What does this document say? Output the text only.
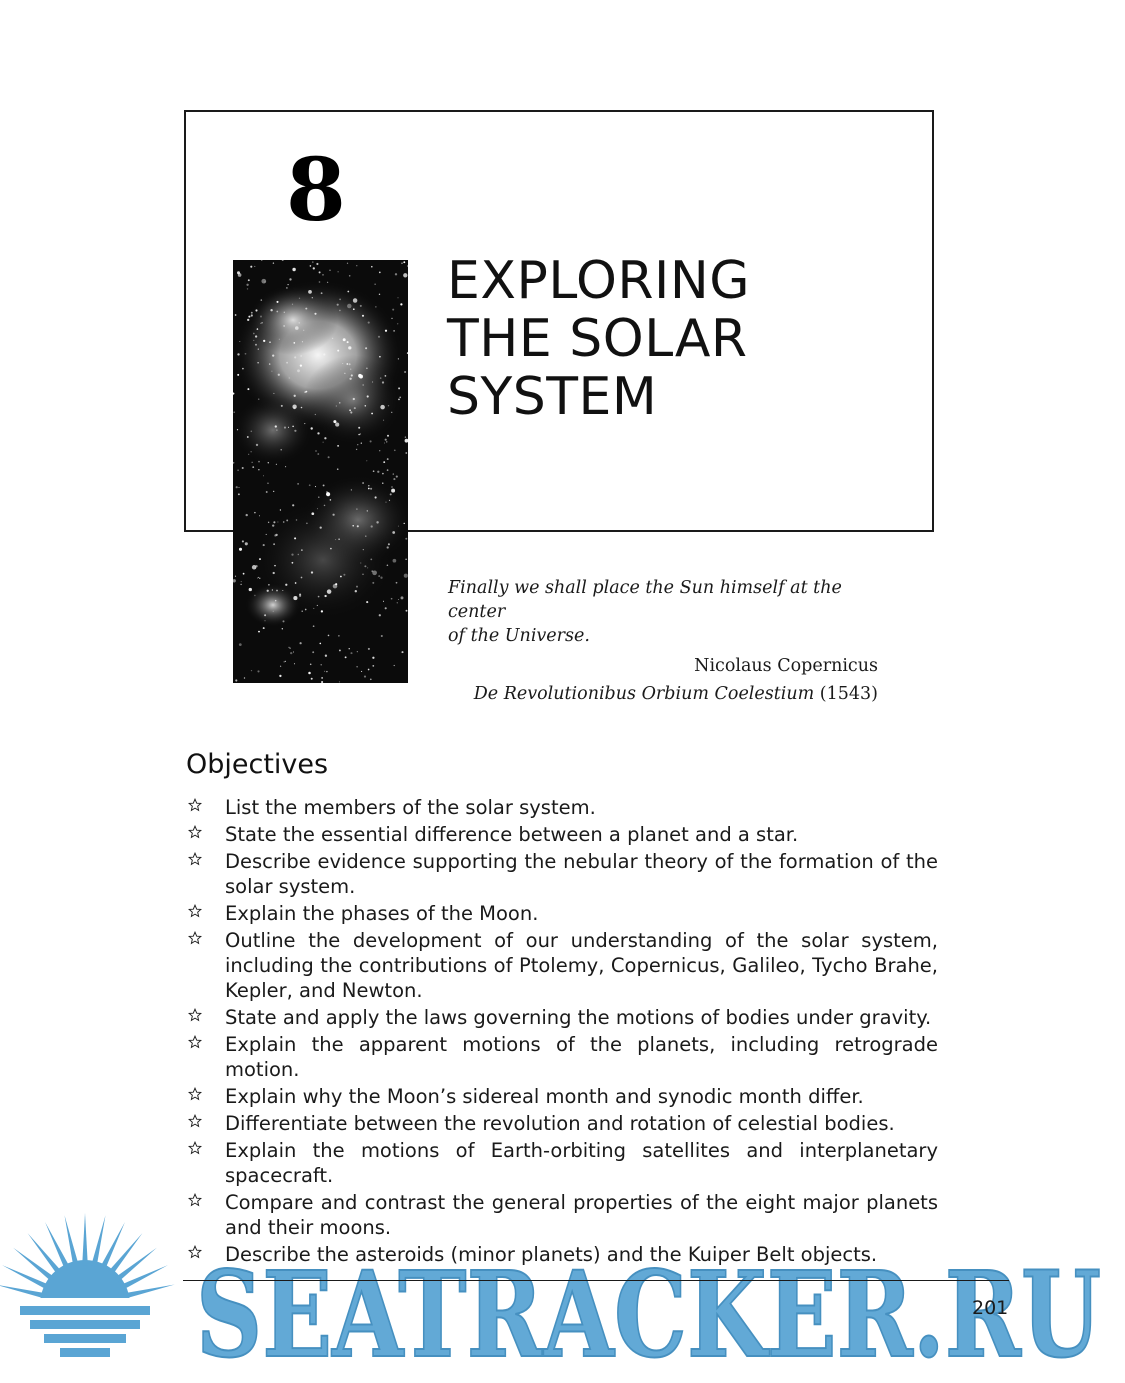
8
EXPLORING
THE SOLAR
SYSTEM
Finally we shall place the Sun himself at the center
of the Universe.
Nicolaus Copernicus
De Revolutionibus Orbium Coelestium (1543)
Objectives
List the members of the solar system.
State the essential difference between a planet and a star.
Describe evidence supporting the nebular theory of the formation of the solar system.
Explain the phases of the Moon.
Outline the development of our understanding of the solar system, including the contributions of Ptolemy, Copernicus, Galileo, Tycho Brahe, Kepler, and Newton.
State and apply the laws governing the motions of bodies under gravity.
Explain the apparent motions of the planets, including retrograde motion.
Explain why the Moon’s sidereal month and synodic month differ.
Differentiate between the revolution and rotation of celestial bodies.
Explain the motions of Earth-orbiting satellites and interplanetary spacecraft.
Compare and contrast the general properties of the eight major planets and their moons.
Describe the asteroids (minor planets) and the Kuiper Belt objects.
SEATRACKER.RU
201
